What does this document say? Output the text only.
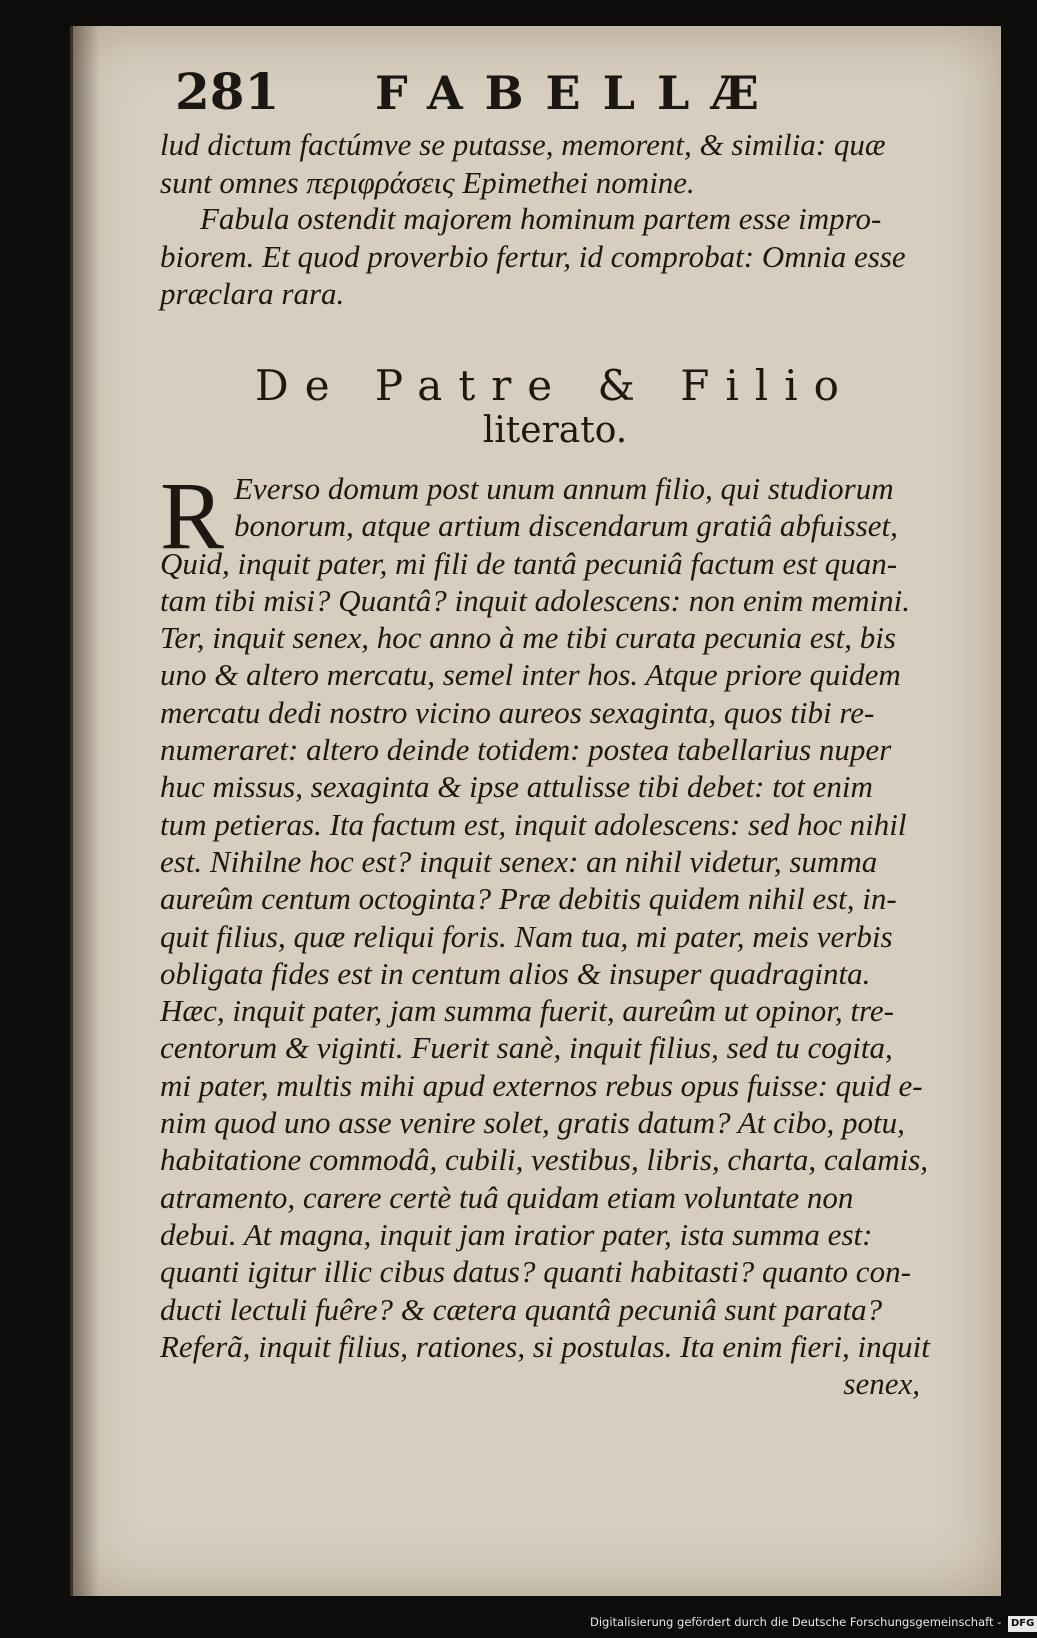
281 FABELLÆ
lud dictum factúmve se putasse, memorent, & similia: quæ
sunt omnes περιφράσεις Epimethei nomine.
Fabula ostendit majorem hominum partem esse impro-
biorem. Et quod proverbio fertur, id comprobat: Omnia esse
præclara rara.
De Patre & Filio
literato.
R Everso domum post unum annum filio, qui studiorum
bonorum, atque artium discendarum gratiâ abfuisset,
Quid, inquit pater, mi fili de tantâ pecuniâ factum est quan-
tam tibi misi? Quantâ? inquit adolescens: non enim memini.
Ter, inquit senex, hoc anno à me tibi curata pecunia est, bis
uno & altero mercatu, semel inter hos. Atque priore quidem
mercatu dedi nostro vicino aureos sexaginta, quos tibi re-
numeraret: altero deinde totidem: postea tabellarius nuper
huc missus, sexaginta & ipse attulisse tibi debet: tot enim
tum petieras. Ita factum est, inquit adolescens: sed hoc nihil
est. Nihilne hoc est? inquit senex: an nihil videtur, summa
aureûm centum octoginta? Præ debitis quidem nihil est, in-
quit filius, quæ reliqui foris. Nam tua, mi pater, meis verbis
obligata fides est in centum alios & insuper quadraginta.
Hæc, inquit pater, jam summa fuerit, aureûm ut opinor, tre-
centorum & viginti. Fuerit sanè, inquit filius, sed tu cogita,
mi pater, multis mihi apud externos rebus opus fuisse: quid e-
nim quod uno asse venire solet, gratis datum? At cibo, potu,
habitatione commodâ, cubili, vestibus, libris, charta, calamis,
atramento, carere certè tuâ quidam etiam voluntate non
debui. At magna, inquit jam iratior pater, ista summa est:
quanti igitur illic cibus datus? quanti habitasti? quanto con-
ducti lectuli fuêre? & cætera quantâ pecuniâ sunt parata?
Referã, inquit filius, rationes, si postulas. Ita enim fieri, inquit
senex,
Digitalisierung gefördert durch die Deutsche Forschungsgemeinschaft - DFG
